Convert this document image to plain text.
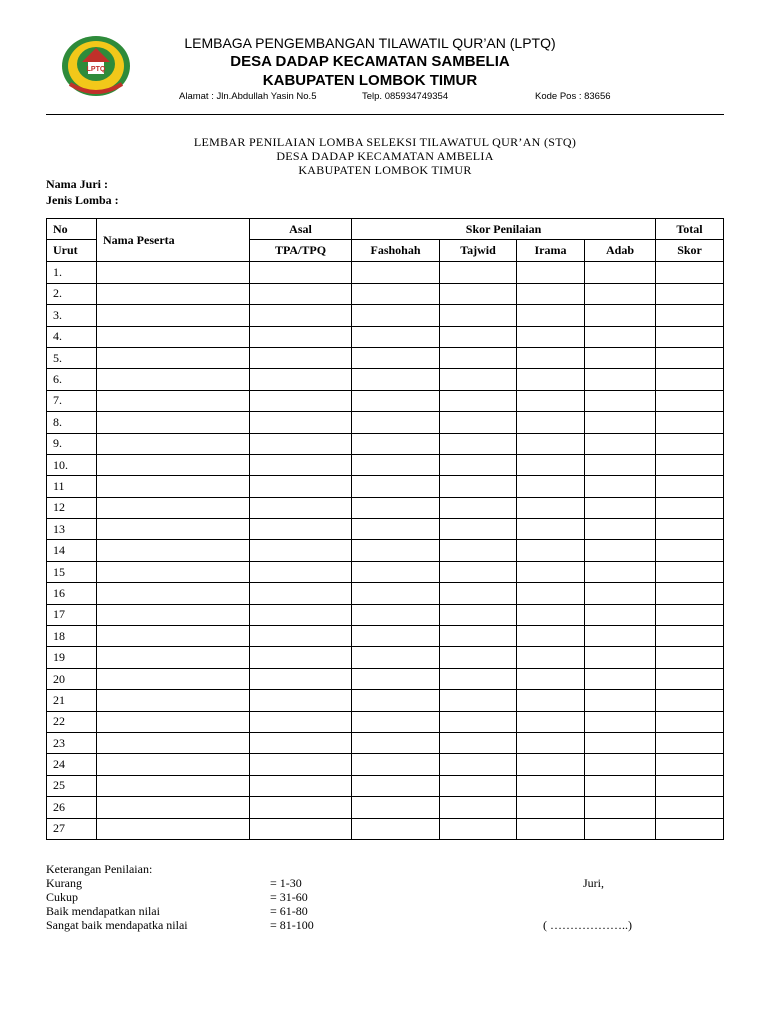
LPTQ
LEMBAGA PENGEMBANGAN TILAWATIL QUR’AN (LPTQ)
DESA DADAP KECAMATAN SAMBELIA
KABUPATEN LOMBOK TIMUR
Alamat : Jln.Abdullah Yasin No.5	Telp. 085934749354	Kode Pos : 83656
LEMBAR PENILAIAN LOMBA SELEKSI TILAWATUL QUR’AN (STQ)
DESA DADAP KECAMATAN AMBELIA
KABUPATEN LOMBOK TIMUR
Nama Juri :
Jenis Lomba :
No	Nama Peserta	Asal	Skor Penilaian				Total
Urut		TPA/TPQ	Fashohah	Tajwid	Irama	Adab	Skor
1.							
2.							
3.							
4.							
5.							
6.							
7.							
8.							
9.							
10.							
11							
12							
13							
14							
15							
16							
17							
18							
19							
20							
21							
22							
23							
24							
25							
26							
27							
Keterangan Penilaian:
Kurang	= 1-30
Cukup	= 31-60
Baik mendapatkan nilai	= 61-80
Sangat baik mendapatka nilai	= 81-100
Juri,
( ………………..)
